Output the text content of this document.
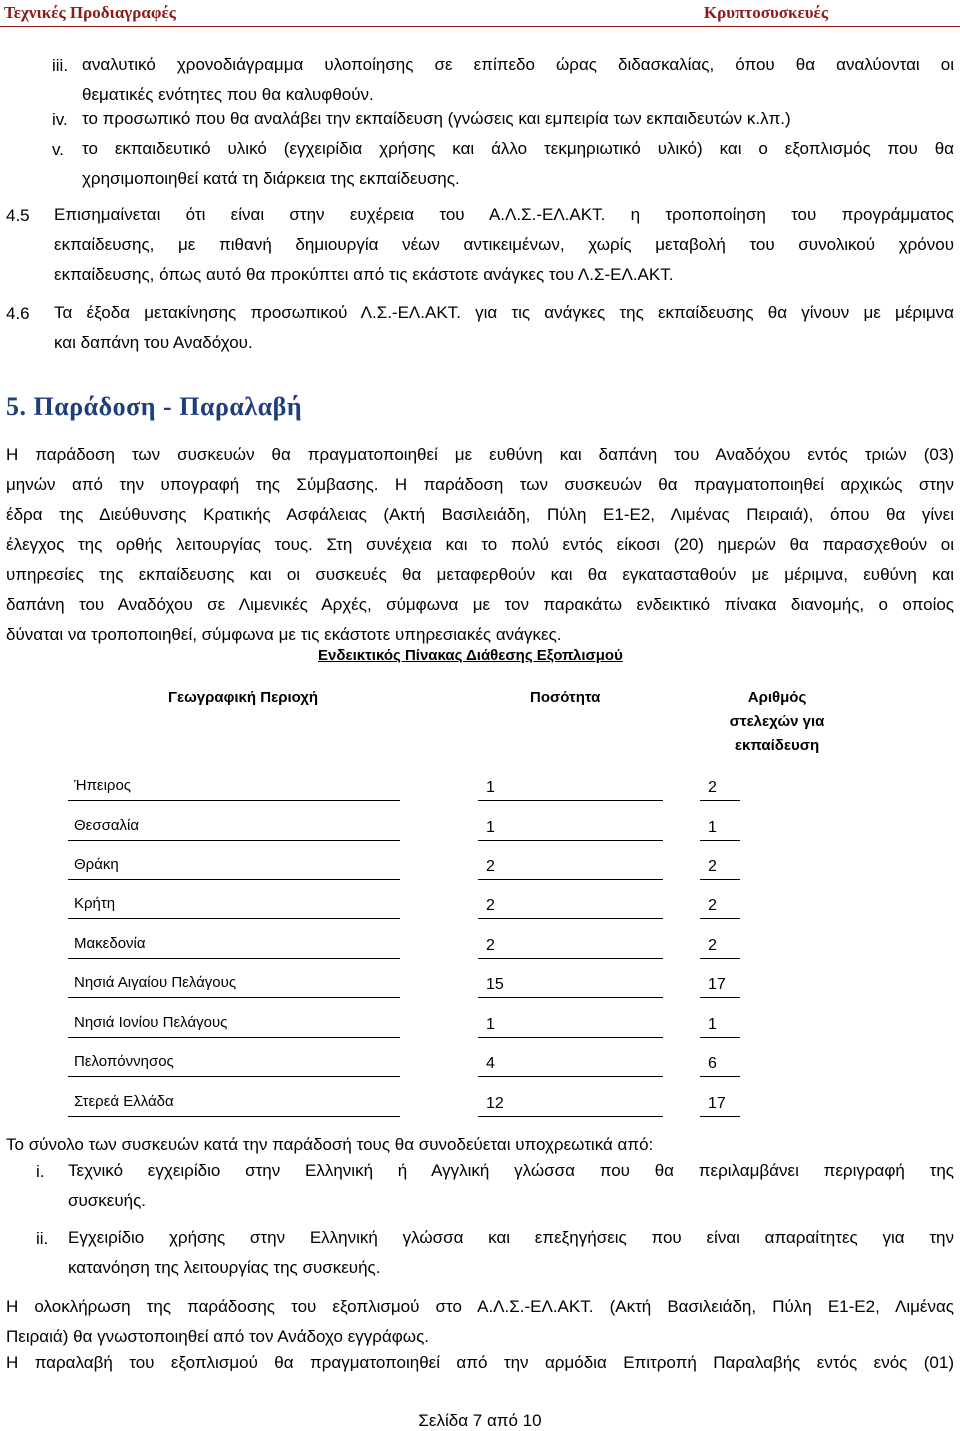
Τεχνικές Προδιαγραφές	Κρυπτοσυσκευές
iii. αναλυτικό χρονοδιάγραμμα υλοποίησης σε επίπεδο ώρας διδασκαλίας, όπου θα αναλύονται οι
θεματικές ενότητες που θα καλυφθούν.
iv. το προσωπικό που θα αναλάβει την εκπαίδευση (γνώσεις και εμπειρία των εκπαιδευτών κ.λπ.)
v. το εκπαιδευτικό υλικό (εγχειρίδια χρήσης και άλλο τεκμηριωτικό υλικό) και ο εξοπλισμός που θα
χρησιμοποιηθεί κατά τη διάρκεια της εκπαίδευσης.
4.5 Επισημαίνεται ότι είναι στην ευχέρεια του Α.Λ.Σ.-ΕΛ.ΑΚΤ. η τροποποίηση του προγράμματος
εκπαίδευσης, με πιθανή δημιουργία νέων αντικειμένων, χωρίς μεταβολή του συνολικού χρόνου
εκπαίδευσης, όπως αυτό θα προκύπτει από τις εκάστοτε ανάγκες του Λ.Σ-ΕΛ.ΑΚΤ.
4.6 Τα έξοδα μετακίνησης προσωπικού Λ.Σ.-ΕΛ.ΑΚΤ. για τις ανάγκες της εκπαίδευσης θα γίνουν με μέριμνα
και δαπάνη του Αναδόχου.
5. Παράδοση - Παραλαβή
Η παράδοση των συσκευών θα πραγματοποιηθεί με ευθύνη και δαπάνη του Αναδόχου εντός τριών (03)
μηνών από την υπογραφή της Σύμβασης. Η παράδοση των συσκευών θα πραγματοποιηθεί αρχικώς στην
έδρα της Διεύθυνσης Κρατικής Ασφάλειας (Ακτή Βασιλειάδη, Πύλη Ε1-Ε2, Λιμένας Πειραιά), όπου θα γίνει
έλεγχος της ορθής λειτουργίας τους. Στη συνέχεια και το πολύ εντός είκοσι (20) ημερών θα παρασχεθούν οι
υπηρεσίες της εκπαίδευσης και οι συσκευές θα μεταφερθούν και θα εγκατασταθούν με μέριμνα, ευθύνη και
δαπάνη του Αναδόχου σε Λιμενικές Αρχές, σύμφωνα με τον παρακάτω ενδεικτικό πίνακα διανομής, ο οποίος
δύναται να τροποποιηθεί, σύμφωνα με τις εκάστοτε υπηρεσιακές ανάγκες.
Ενδεικτικός Πίνακας Διάθεσης Εξοπλισμού
Γεωγραφική Περιοχή	Ποσότητα	Αριθμός στελεχών για εκπαίδευση
Ήπειρος	1	2
Θεσσαλία	1	1
Θράκη	2	2
Κρήτη	2	2
Μακεδονία	2	2
Νησιά Αιγαίου Πελάγους	15	17
Νησιά Ιονίου Πελάγους	1	1
Πελοπόννησος	4	6
Στερεά Ελλάδα	12	17
Το σύνολο των συσκευών κατά την παράδοσή τους θα συνοδεύεται υποχρεωτικά από:
i. Τεχνικό εγχειρίδιο στην Ελληνική ή Αγγλική γλώσσα που θα περιλαμβάνει περιγραφή της
συσκευής.
ii. Εγχειρίδιο χρήσης στην Ελληνική γλώσσα και επεξηγήσεις που είναι απαραίτητες για την
κατανόηση της λειτουργίας της συσκευής.
Η ολοκλήρωση της παράδοσης του εξοπλισμού στο Α.Λ.Σ.-ΕΛ.ΑΚΤ. (Ακτή Βασιλειάδη, Πύλη Ε1-Ε2, Λιμένας
Πειραιά) θα γνωστοποιηθεί από τον Ανάδοχο εγγράφως.
Η παραλαβή του εξοπλισμού θα πραγματοποιηθεί από την αρμόδια Επιτροπή Παραλαβής εντός ενός (01)
Σελίδα 7 από 10
